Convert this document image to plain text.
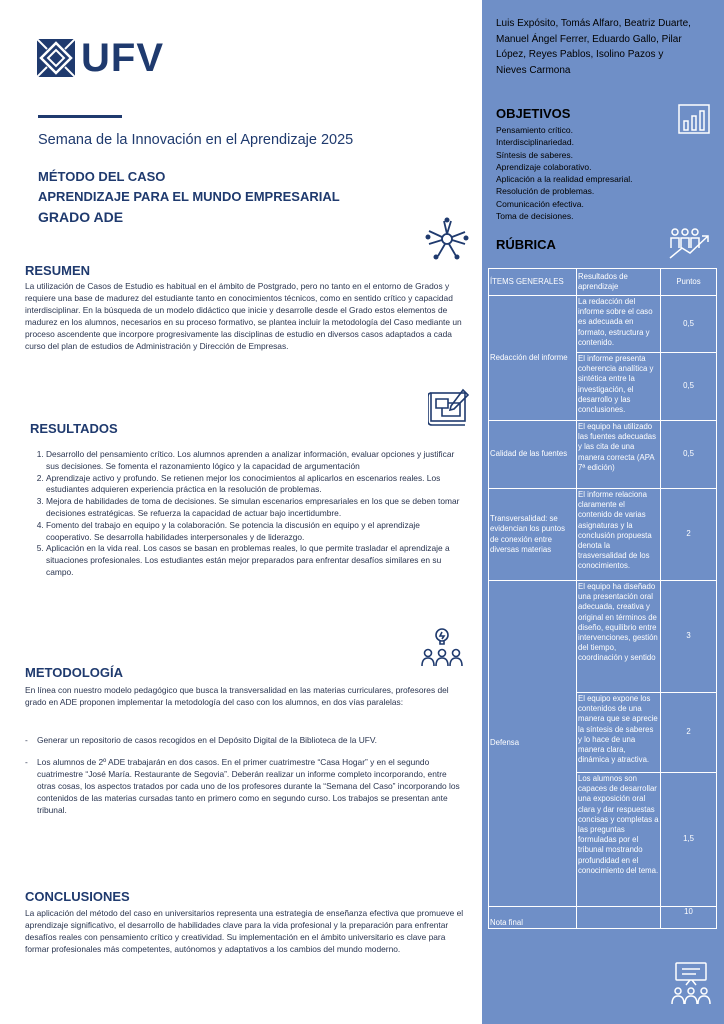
UFV
Semana de la Innovación en el Aprendizaje 2025
MÉTODO DEL CASO
APRENDIZAJE PARA EL MUNDO EMPRESARIAL
GRADO ADE
RESUMEN
La utilización de Casos de Estudio es habitual en el ámbito de Postgrado, pero no tanto en el entorno de Grados y requiere una base de madurez del estudiante tanto en conocimientos técnicos, como en sentido crítico y capacidad interdisciplinar. En la búsqueda de un modelo didáctico que inicie y desarrolle desde el Grado estos elementos de madurez en los alumnos, necesarios en su proceso formativo, se plantea incluir la metodología del Caso mediante un proceso ascendente que incorpore progresivamente las disciplinas de estudio en diversos casos adaptados a cada curso del plan de estudios de Administración y Dirección de Empresas.
RESULTADOS
1. Desarrollo del pensamiento crítico. Los alumnos aprenden a analizar información, evaluar opciones y justificar sus decisiones. Se fomenta el razonamiento lógico y la capacidad de argumentación
2. Aprendizaje activo y profundo. Se retienen mejor los conocimientos al aplicarlos en escenarios reales. Los estudiantes adquieren experiencia práctica en la resolución de problemas.
3. Mejora de habilidades de toma de decisiones. Se simulan escenarios empresariales en los que se deben tomar decisiones estratégicas. Se refuerza la capacidad de actuar bajo incertidumbre.
4. Fomento del trabajo en equipo y la colaboración. Se potencia la discusión en equipo y el aprendizaje cooperativo. Se desarrolla habilidades interpersonales y de liderazgo.
5. Aplicación en la vida real. Los casos se basan en problemas reales, lo que permite trasladar el aprendizaje a situaciones profesionales. Los estudiantes están mejor preparados para enfrentar desafíos similares en su campo.
METODOLOGÍA
En línea con nuestro modelo pedagógico que busca la transversalidad en las materias curriculares, profesores del grado en ADE proponen implementar la metodología del caso con los alumnos, en dos vías paralelas:
- Generar un repositorio de casos recogidos en el Depósito Digital de la Biblioteca de la UFV.
- Los alumnos de 2º ADE trabajarán en dos casos. En el primer cuatrimestre “Casa Hogar” y en el segundo cuatrimestre “José María. Restaurante de Segovia”. Deberán realizar un informe completo incorporando, entre otras cosas, los aspectos tratados por cada uno de los profesores durante la “Semana del Caso” incorporando los contenidos de las materias cursadas tanto en primero como en segundo curso. Los trabajos se presentan ante tribunal.
CONCLUSIONES
La aplicación del método del caso en universitarios representa una estrategia de enseñanza efectiva que promueve el aprendizaje significativo, el desarrollo de habilidades clave para la vida profesional y la preparación para enfrentar desafíos reales con pensamiento crítico y creatividad. Su implementación en el ámbito universitario es clave para formar profesionales más competentes, autónomos y adaptativos a los cambios del mundo moderno.
Luis Expósito, Tomás Alfaro, Beatriz Duarte, Manuel Ángel Ferrer, Eduardo Gallo, Pilar López, Reyes Pablos, Isolino Pazos y Nieves Carmona
OBJETIVOS
Pensamiento crítico.
Interdisciplinariedad.
Síntesis de saberes.
Aprendizaje colaborativo.
Aplicación a la realidad empresarial.
Resolución de problemas.
Comunicación efectiva.
Toma de decisiones.
RÚBRICA
ÍTEMS GENERALES	Resultados de aprendizaje	Puntos
Redacción del informe	La redacción del informe sobre el caso es adecuada en formato, estructura y contenido.	0,5
	El informe presenta coherencia analítica y sintética entre la investigación, el desarrollo y las conclusiones.	0,5
Calidad de las fuentes	El equipo ha utilizado las fuentes adecuadas y las cita de una manera correcta (APA 7ª edición)	0,5
Transversalidad: se evidencian los puntos de conexión entre diversas materias	El informe relaciona claramente el contenido de varias asignaturas y la conclusión propuesta denota la trasversalidad de los conocimientos.	2
Defensa	El equipo ha diseñado una presentación oral adecuada, creativa y original en términos de diseño, equilibrio entre intervenciones, gestión del tiempo, coordinación y sentido	3
	El equipo expone los contenidos de una manera que se aprecie la síntesis de saberes y lo hace de una manera clara, dinámica y atractiva.	2
	Los alumnos son capaces de desarrollar una exposición oral clara y dar respuestas concisas y completas a las preguntas formuladas por el tribunal mostrando profundidad en el conocimiento del tema.	1,5
Nota final		10
